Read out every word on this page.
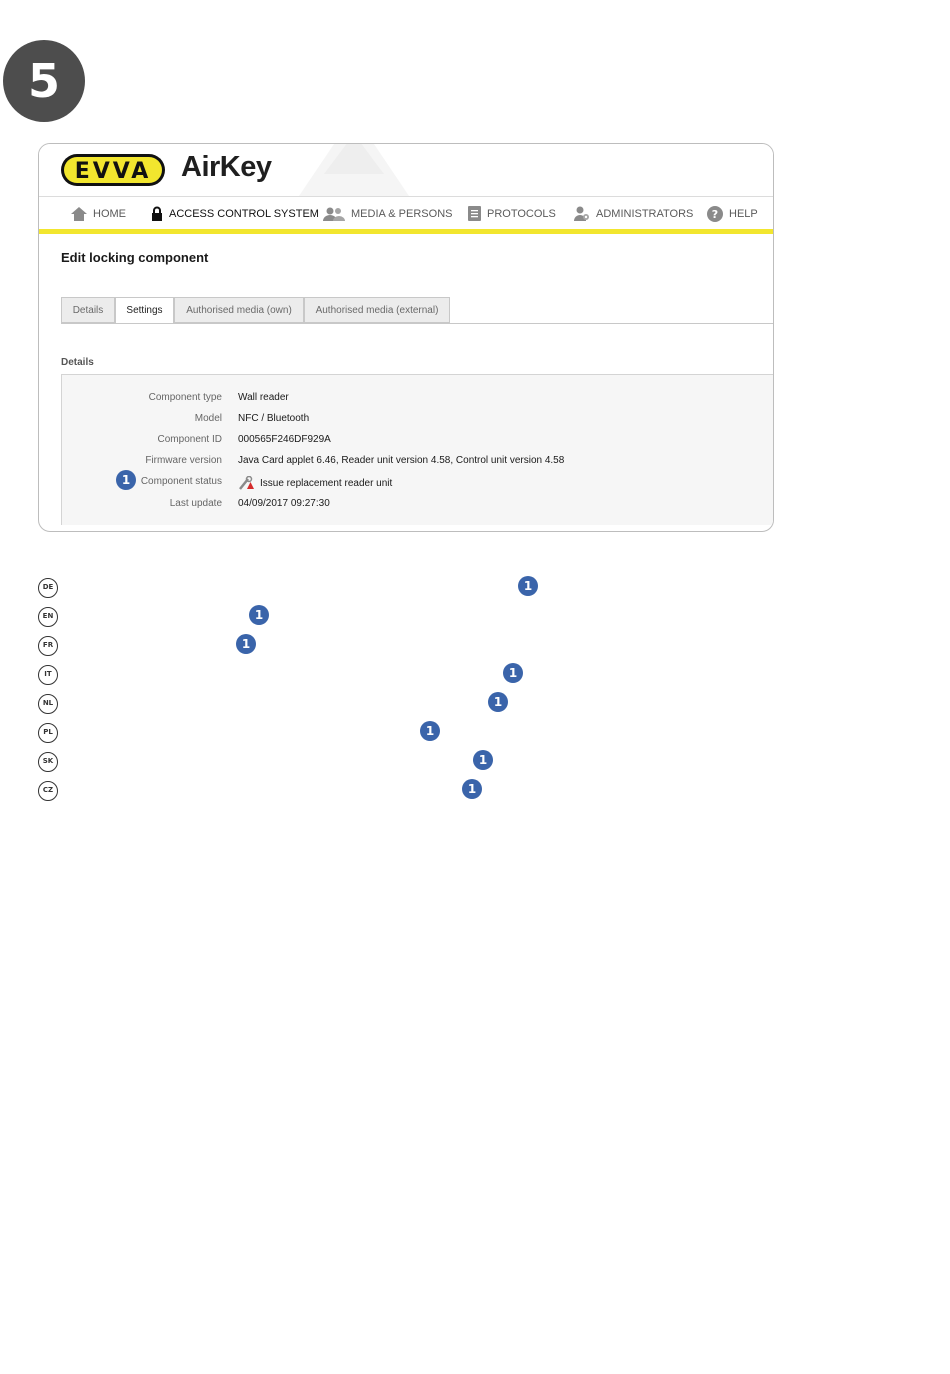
5
EVVA AirKey
HOME	ACCESS CONTROL SYSTEM	MEDIA & PERSONS	PROTOCOLS	ADMINISTRATORS ? HELP
Edit locking component
Details	Settings	Authorised media (own)	Authorised media (external)
Details
Component type Wall reader
Model NFC / Bluetooth
Component ID 000565F246DF929A
Firmware version Java Card applet 6.46, Reader unit version 4.58, Control unit version 4.58
1	Component status	Issue replacement reader unit
Last update 04/09/2017 09:27:30
DE	1
EN	1
FR	1
IT	1
NL	1
PL	1
SK	1
CZ	1
